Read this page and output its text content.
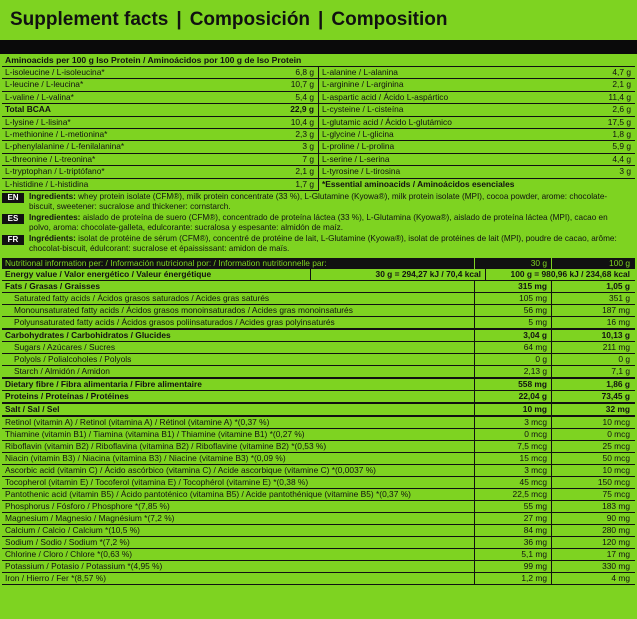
Supplement facts | Composición | Composition
Aminoacids per 100 g Iso Protein / Aminoácidos por 100 g de Iso Protein
L-isoleucine / L-isoleucina*	6,8 g
L-leucine / L-leucina*	10,7 g
L-valine / L-valina*	5,4 g
Total BCAA	22,9 g
L-lysine / L-lisina*	10,4 g
L-methionine / L-metionina*	2,3 g
L-phenylalanine / L-fenilalanina*	3 g
L-threonine / L-treonina*	7 g
L-tryptophan / L-triptófano*	2,1 g
L-histidine / L-histidina	1,7 g
L-alanine / L-alanina	4,7 g
L-arginine / L-arginina	2,1 g
L-aspartic acid / Ácido L-aspártico	11,4 g
L-cysteine / L-cisteína	2,6 g
L-glutamic acid / Ácido L-glutámico	17,5 g
L-glycine / L-glicina	1,8 g
L-proline / L-prolina	5,9 g
L-serine / L-serina	4,4 g
L-tyrosine / L-tirosina	3 g
*Essential aminoacids / Aminoácidos esenciales
EN	Ingredients: whey protein isolate (CFM®), milk protein concentrate (33 %), L-Glutamine (Kyowa®), milk protein isolate (MPI), cocoa powder, arome: chocolate-biscuit, sweetener: sucralose and thickener: cornstarch.
ES	Ingredientes: aislado de proteína de suero (CFM®), concentrado de proteína láctea (33 %), L-Glutamina (Kyowa®), aislado de proteína láctea (MPI), cacao en polvo, aroma: chocolate-galleta, edulcorante: sucralosa y espesante: almidón de maíz.
FR	Ingrédients: isolat de protéine de sérum (CFM®), concentré de protéine de lait, L-Glutamine (Kyowa®), isolat de protéines de lait (MPI), poudre de cacao, arôme: chocolat-biscuit, édulcorant: sucralose et épaississant: amidon de maïs.
Nutritional information per: / Información nutricional por: / Information nutritionnelle par:	30 g	100 g
Energy value / Valor energético / Valeur énergétique	30 g = 294,27 kJ / 70,4 kcal	100 g = 980,96 kJ / 234,68 kcal
Fats / Grasas / Graisses	315 mg	1,05 g
Saturated fatty acids / Ácidos grasos saturados / Acides gras saturés	105 mg	351 g
Monounsaturated fatty acids / Ácidos grasos monoinsaturados / Acides gras monoinsaturés	56 mg	187 mg
Polyunsaturated fatty acids / Ácidos grasos poliinsaturados / Acides gras polyinsaturés	5 mg	16 mg
Carbohydrates / Carbohidratos / Glucides	3,04 g	10,13 g
Sugars / Azúcares / Sucres	64 mg	211 mg
Polyols / Polialcoholes / Polyols	0 g	0 g
Starch / Almidón / Amidon	2,13 g	7,1 g
Dietary fibre / Fibra alimentaria / Fibre alimentaire	558 mg	1,86 g
Proteins / Proteínas / Protéines	22,04 g	73,45 g
Salt / Sal / Sel	10 mg	32 mg
Retinol (vitamin A) / Retinol (vitamina A) / Rétinol (vitamine A) *(0,37 %)	3 mcg	10 mcg
Thiamine (vitamin B1) / Tiamina (vitamina B1) / Thiamine (vitamine B1) *(0,27 %)	0 mcg	0 mcg
Riboflavin (vitamin B2) / Riboflavina (vitamina B2) / Riboflavine (vitamine B2) *(0,53 %)	7,5 mcg	25 mcg
Niacin (vitamin B3) / Niacina (vitamina B3) / Niacine (vitamine B3) *(0,09 %)	15 mcg	50 mcg
Ascorbic acid (vitamin C) / Ácido ascórbico (vitamina C) / Acide ascorbique (vitamine C) *(0,0037 %)	3 mcg	10 mcg
Tocopherol (vitamin E) / Tocoferol (vitamina E) / Tocophérol (vitamine E) *(0,38 %)	45 mcg	150 mcg
Pantothenic acid (vitamin B5) / Ácido pantoténico (vitamina B5) / Acide pantothénique (vitamine B5) *(0,37 %)	22,5 mcg	75 mcg
Phosphorus / Fósforo / Phosphore *(7,85 %)	55 mg	183 mg
Magnesium / Magnesio / Magnésium *(7,2 %)	27 mg	90 mg
Calcium / Calcio / Calcium *(10,5 %)	84 mg	280 mg
Sodium / Sodio / Sodium *(7,2 %)	36 mg	120 mg
Chlorine / Cloro / Chlore *(0,63 %)	5,1 mg	17 mg
Potassium / Potasio / Potassium *(4,95 %)	99 mg	330 mg
Iron / Hierro / Fer *(8,57 %)	1,2 mg	4 mg
